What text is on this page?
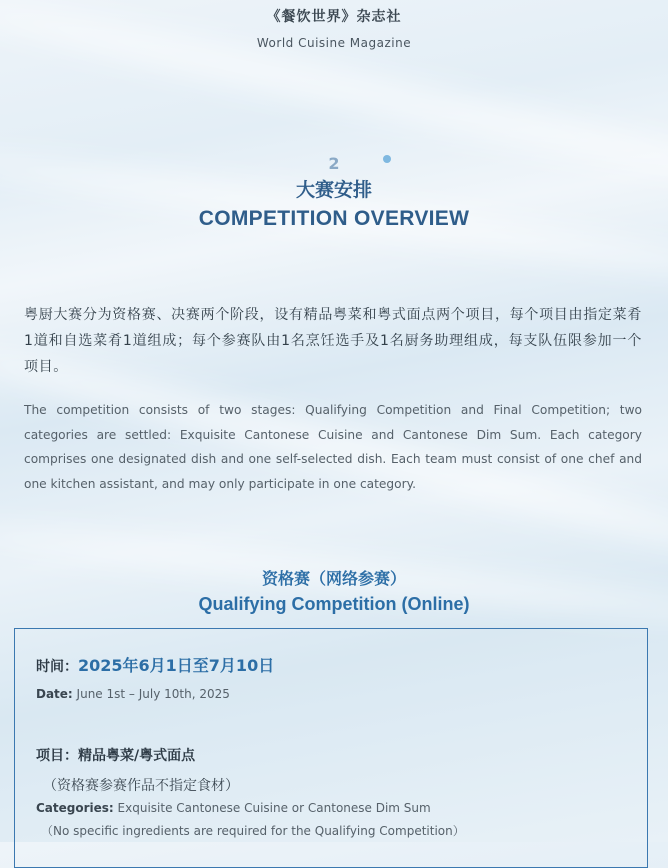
《餐饮世界》杂志社
World Cuisine Magazine
2
大赛安排
COMPETITION OVERVIEW
粤厨大赛分为资格赛、决赛两个阶段，设有精品粤菜和粤式面点两个项目，每个项目由指定菜肴1道和自选菜肴1道组成；每个参赛队由1名烹饪选手及1名厨务助理组成，每支队伍限参加一个项目。
The competition consists of two stages: Qualifying Competition and Final Competition; two categories are settled: Exquisite Cantonese Cuisine and Cantonese Dim Sum. Each category comprises one designated dish and one self-selected dish. Each team must consist of one chef and one kitchen assistant, and may only participate in one category.
资格赛（网络参赛）
Qualifying Competition (Online)
时间：2025年6月1日至7月10日
Date: June 1st – July 10th, 2025
项目：精品粤菜/粤式面点
（资格赛参赛作品不指定食材）
Categories: Exquisite Cantonese Cuisine or Cantonese Dim Sum
（No specific ingredients are required for the Qualifying Competition）
